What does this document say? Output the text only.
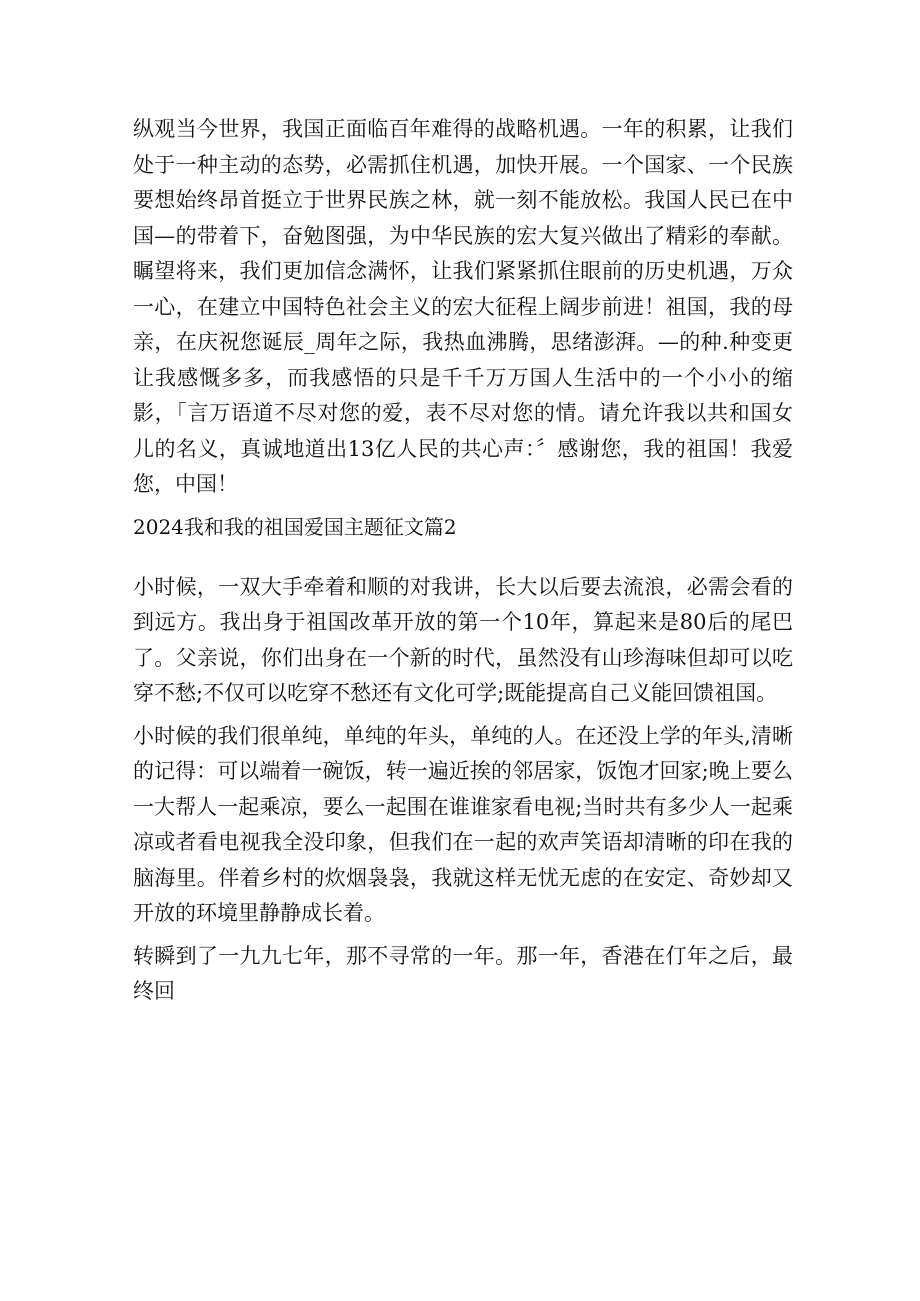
纵观当今世界，我国正面临百年难得的战略机遇。一年的积累，让我们处于一种主动的态势，必需抓住机遇，加快开展。一个国家、一个民族要想始终昂首挺立于世界民族之林，就一刻不能放松。我国人民已在中国—的带着下，奋勉图强，为中华民族的宏大复兴做出了精彩的奉献。瞩望将来，我们更加信念满怀，让我们紧紧抓住眼前的历史机遇，万众一心，在建立中国特色社会主义的宏大征程上阔步前进！祖国，我的母亲，在庆祝您诞辰_周年之际，我热血沸腾，思绪澎湃。—的种.种变更让我感慨多多，而我感悟的只是千千万万国人生活中的一个小小的缩影，「言万语道不尽对您的爱，表不尽对您的情。请允许我以共和国女儿的名义，真诚地道出13亿人民的共心声：〞感谢您，我的祖国！我爱您，中国！

2024我和我的祖国爱国主题征文篇2

小时候，一双大手牵着和顺的对我讲，长大以后要去流浪，必需会看的到远方。我出身于祖国改革开放的第一个10年，算起来是80后的尾巴了。父亲说，你们出身在一个新的时代，虽然没有山珍海味但却可以吃穿不愁;不仅可以吃穿不愁还有文化可学;既能提高自己义能回馈祖国。

小时候的我们很单纯，单纯的年头，单纯的人。在还没上学的年头,清晰的记得：可以端着一碗饭，转一遍近挨的邻居家，饭饱才回家;晚上要么一大帮人一起乘凉，要么一起围在谁谁家看电视;当时共有多少人一起乘凉或者看电视我全没印象，但我们在一起的欢声笑语却清晰的印在我的脑海里。伴着乡村的炊烟袅袅，我就这样无忧无虑的在安定、奇妙却又开放的环境里静静成长着。

转瞬到了一九九七年，那不寻常的一年。那一年，香港在仃年之后，最终回
